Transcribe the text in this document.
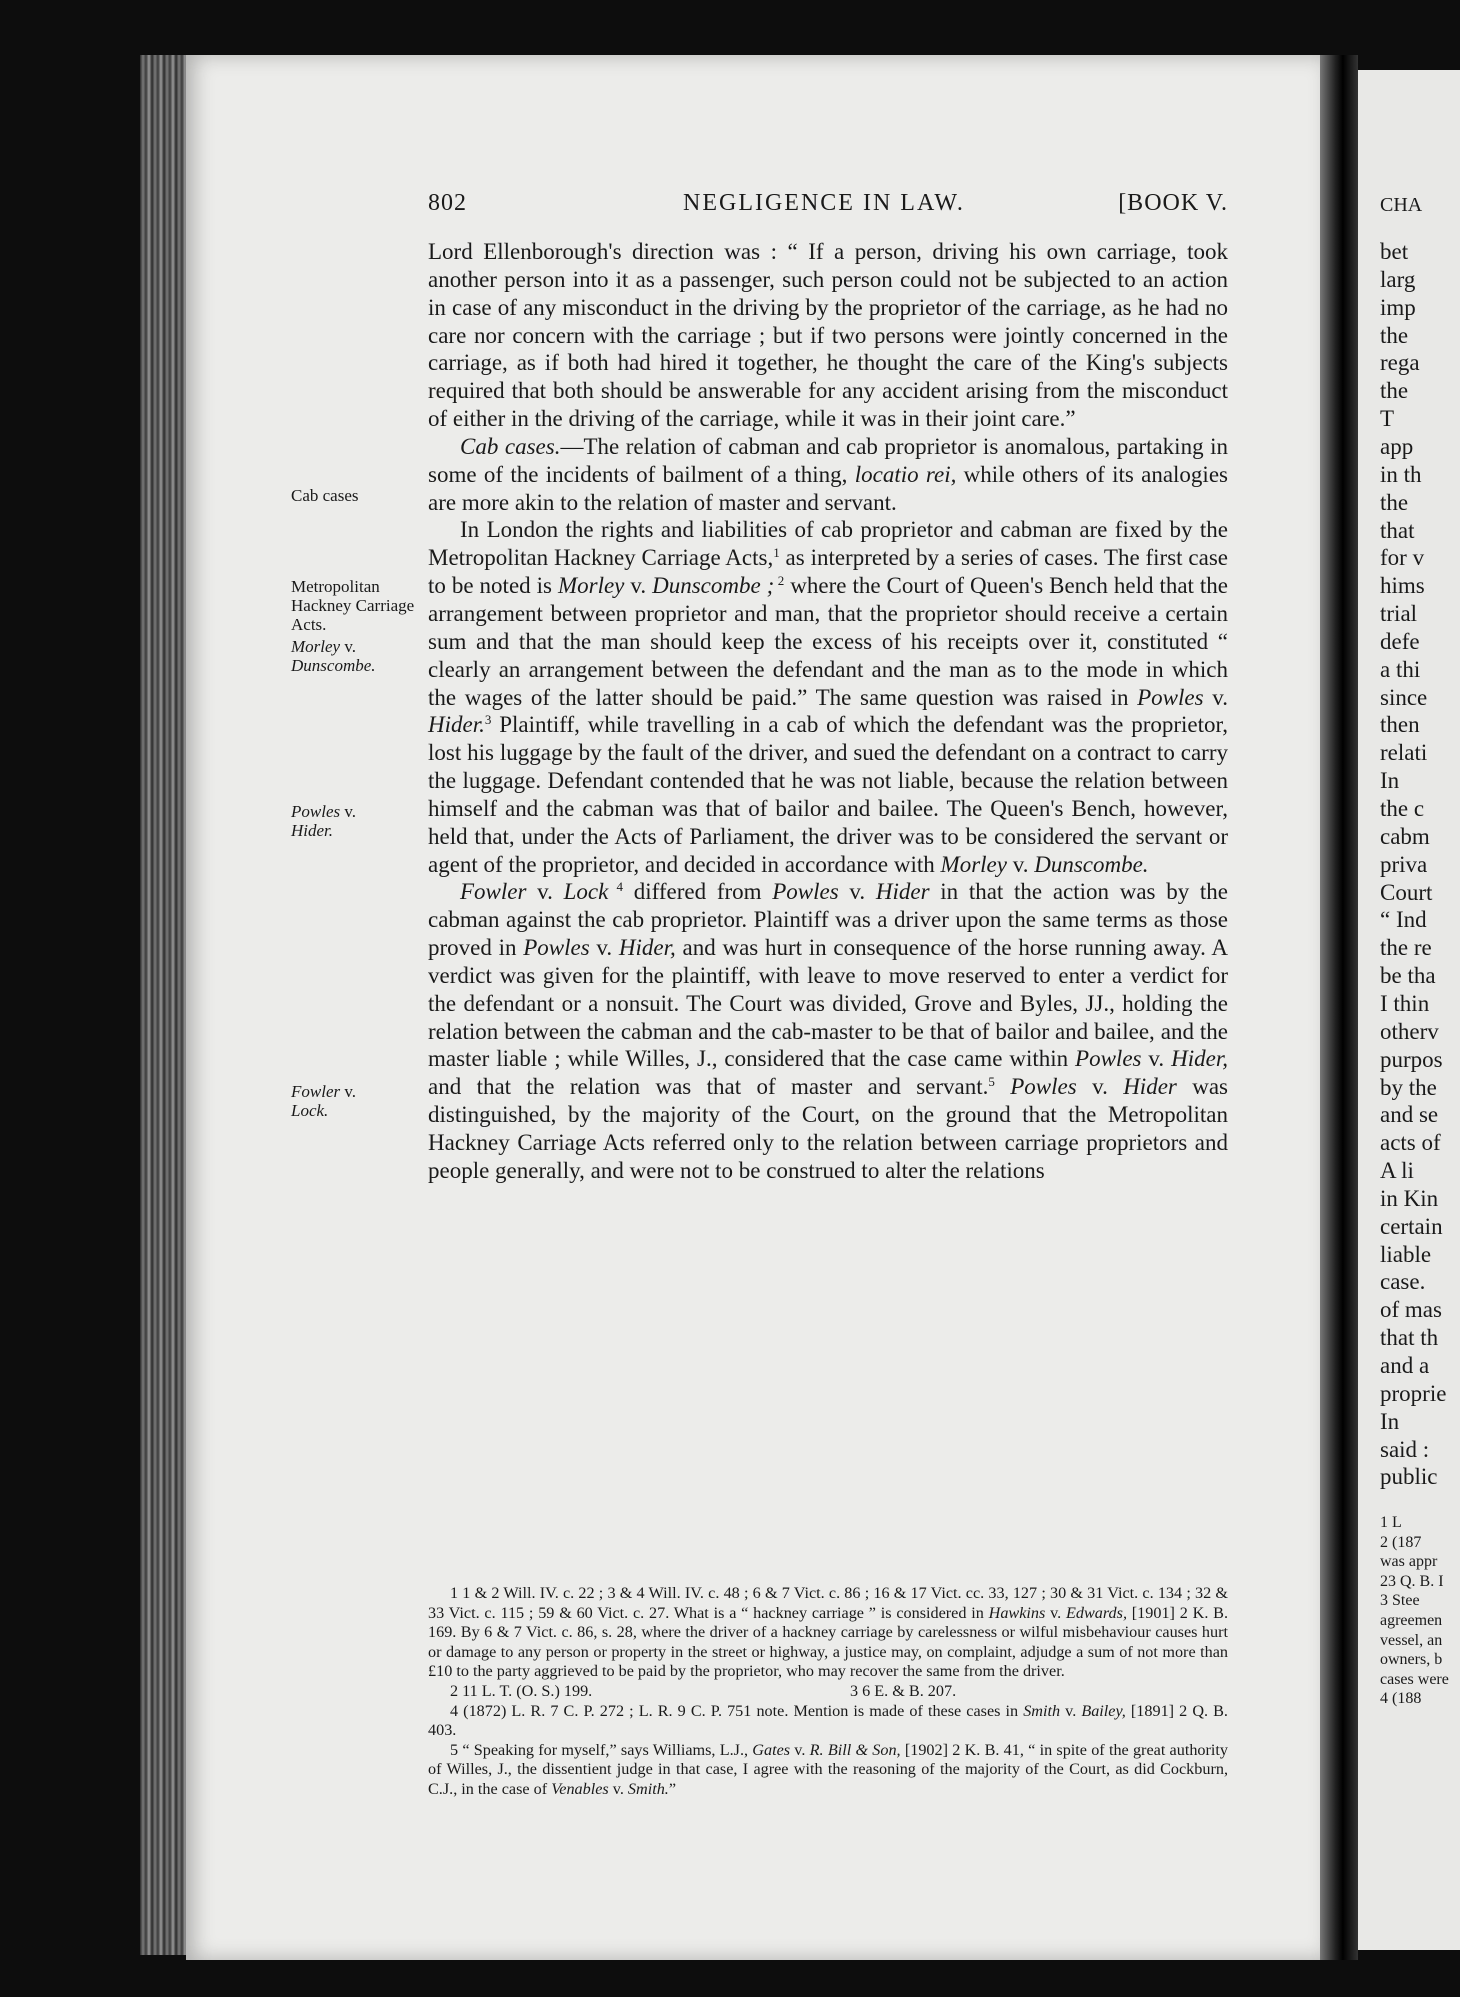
802	NEGLIGENCE IN LAW.	[BOOK V.
Cab cases
Metropolitan Hackney Carriage Acts.
Morley v.
Dunscombe.
Powles v.
Hider.
Fowler v.
Lock.

Lord Ellenborough's direction was : “ If a person, driving his own carriage, took another person into it as a passenger, such person could not be subjected to an action in case of any misconduct in the driving by the proprietor of the carriage, as he had no care nor concern with the carriage ; but if two persons were jointly concerned in the carriage, as if both had hired it together, he thought the care of the King's subjects required that both should be answerable for any accident arising from the misconduct of either in the driving of the carriage, while it was in their joint care.”

Cab cases.—The relation of cabman and cab proprietor is anomalous, partaking in some of the incidents of bailment of a thing, locatio rei, while others of its analogies are more akin to the relation of master and servant.

In London the rights and liabilities of cab proprietor and cabman are fixed by the Metropolitan Hackney Carriage Acts,$^1$ as interpreted by a series of cases. The first case to be noted is Morley v. Dunscombe ; $^2$ where the Court of Queen's Bench held that the arrangement between proprietor and man, that the proprietor should receive a certain sum and that the man should keep the excess of his receipts over it, constituted “ clearly an arrangement between the defendant and the man as to the mode in which the wages of the latter should be paid.” The same question was raised in Powles v. Hider.$^3$ Plaintiff, while travelling in a cab of which the defendant was the proprietor, lost his luggage by the fault of the driver, and sued the defendant on a contract to carry the luggage. Defendant contended that he was not liable, because the relation between himself and the cabman was that of bailor and bailee. The Queen's Bench, however, held that, under the Acts of Parliament, the driver was to be considered the servant or agent of the proprietor, and decided in accordance with Morley v. Dunscombe.

Fowler v. Lock $^4$ differed from Powles v. Hider in that the action was by the cabman against the cab proprietor. Plaintiff was a driver upon the same terms as those proved in Powles v. Hider, and was hurt in consequence of the horse running away. A verdict was given for the plaintiff, with leave to move reserved to enter a verdict for the defendant or a nonsuit. The Court was divided, Grove and Byles, JJ., holding the relation between the cabman and the cab-master to be that of bailor and bailee, and the master liable ; while Willes, J., considered that the case came within Powles v. Hider, and that the relation was that of master and servant.$^5$ Powles v. Hider was distinguished, by the majority of the Court, on the ground that the Metropolitan Hackney Carriage Acts referred only to the relation between carriage proprietors and people generally, and were not to be construed to alter the relations

1 1 & 2 Will. IV. c. 22 ; 3 & 4 Will. IV. c. 48 ; 6 & 7 Vict. c. 86 ; 16 & 17 Vict. cc. 33, 127 ; 30 & 31 Vict. c. 134 ; 32 & 33 Vict. c. 115 ; 59 & 60 Vict. c. 27. What is a “ hackney carriage ” is considered in Hawkins v. Edwards, [1901] 2 K. B. 169. By 6 & 7 Vict. c. 86, s. 28, where the driver of a hackney carriage by carelessness or wilful misbehaviour causes hurt or damage to any person or property in the street or highway, a justice may, on complaint, adjudge a sum of not more than £10 to the party aggrieved to be paid by the proprietor, who may recover the same from the driver.

2 11 L. T. (O. S.) 199.	3 6 E. & B. 207.

4 (1872) L. R. 7 C. P. 272 ; L. R. 9 C. P. 751 note. Mention is made of these cases in Smith v. Bailey, [1891] 2 Q. B. 403.

5 “ Speaking for myself,” says Williams, L.J., Gates v. R. Bill & Son, [1902] 2 K. B. 41, “ in spite of the great authority of Willes, J., the dissentient judge in that case, I agree with the reasoning of the majority of the Court, as did Cockburn, C.J., in the case of Venables v. Smith.”

CHA
bet
larg
imp
the
rega
the
T
app
in th
the
that
for v
hims
trial
defe
a thi
since
then
relati
In
the c
cabm
priva
Court
“ Ind
the re
be tha
I thin
otherv
purpos
by the
and se
acts of
A li
in Kin
certain
liable
case.
of mas
that th
and a
proprie
In
said :
public
1 L
2 (187
was appr
23 Q. B. I
3 Stee
agreemen
vessel, an
owners, b
cases were
4 (188
